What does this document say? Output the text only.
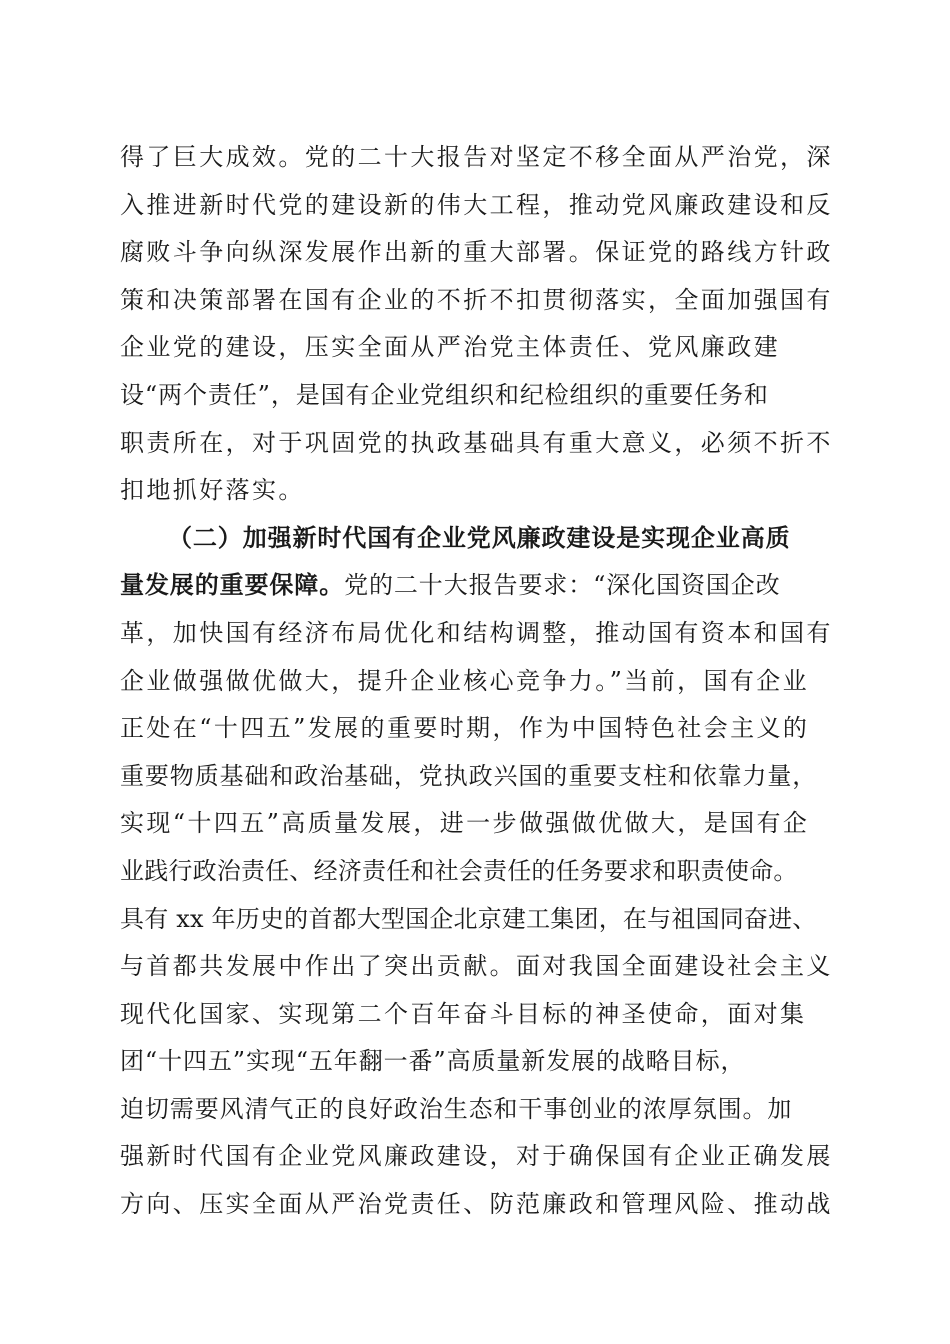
得了巨大成效。党的二十大报告对坚定不移全面从严治党，深
入推进新时代党的建设新的伟大工程，推动党风廉政建设和反
腐败斗争向纵深发展作出新的重大部署。保证党的路线方针政
策和决策部署在国有企业的不折不扣贯彻落实，全面加强国有
企业党的建设，压实全面从严治党主体责任、党风廉政建
设“两个责任”，是国有企业党组织和纪检组织的重要任务和
职责所在，对于巩固党的执政基础具有重大意义，必须不折不
扣地抓好落实。
（二）加强新时代国有企业党风廉政建设是实现企业高质
量发展的重要保障。党的二十大报告要求：“深化国资国企改
革，加快国有经济布局优化和结构调整，推动国有资本和国有
企业做强做优做大，提升企业核心竞争力。”当前，国有企业
正处在“十四五”发展的重要时期，作为中国特色社会主义的
重要物质基础和政治基础，党执政兴国的重要支柱和依靠力量，
实现“十四五”高质量发展，进一步做强做优做大，是国有企
业践行政治责任、经济责任和社会责任的任务要求和职责使命。
具有 xx 年历史的首都大型国企北京建工集团，在与祖国同奋进、
与首都共发展中作出了突出贡献。面对我国全面建设社会主义
现代化国家、实现第二个百年奋斗目标的神圣使命，面对集
团“十四五”实现“五年翻一番”高质量新发展的战略目标，
迫切需要风清气正的良好政治生态和干事创业的浓厚氛围。加
强新时代国有企业党风廉政建设，对于确保国有企业正确发展
方向、压实全面从严治党责任、防范廉政和管理风险、推动战
